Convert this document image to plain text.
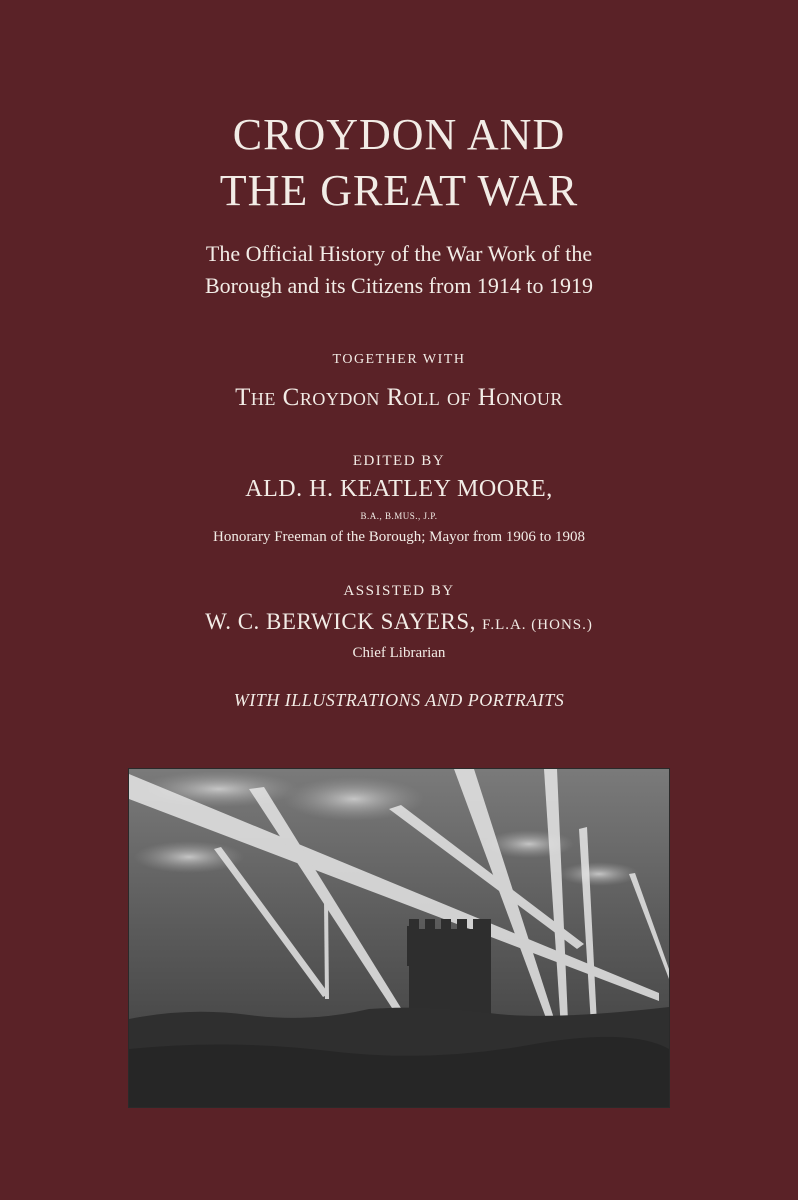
CROYDON AND

THE GREAT WAR

The Official History of the War Work of the

Borough and its Citizens from 1914 to 1919

TOGETHER WITH

The Croydon Roll of Honour

EDITED BY

ALD. H. KEATLEY MOORE,

B.A., B.MUS., J.P.

Honorary Freeman of the Borough; Mayor from 1906 to 1908

ASSISTED BY

W. C. BERWICK SAYERS, F.L.A. (HONS.)

Chief Librarian

WITH ILLUSTRATIONS AND PORTRAITS
